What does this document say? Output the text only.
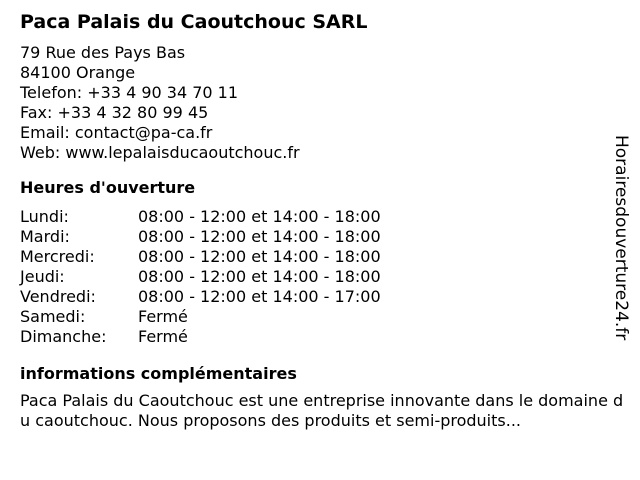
Paca Palais du Caoutchouc SARL
79 Rue des Pays Bas
84100 Orange
Telefon: +33 4 90 34 70 11
Fax: +33 4 32 80 99 45
Email: contact@pa-ca.fr
Web: www.lepalaisducaoutchouc.fr
Heures d'ouverture
Lundi:	08:00 - 12:00 et 14:00 - 18:00
Mardi:	08:00 - 12:00 et 14:00 - 18:00
Mercredi:	08:00 - 12:00 et 14:00 - 18:00
Jeudi:	08:00 - 12:00 et 14:00 - 18:00
Vendredi:	08:00 - 12:00 et 14:00 - 17:00
Samedi:	Fermé
Dimanche:	Fermé
informations complémentaires
Paca Palais du Caoutchouc est une entreprise innovante dans le domaine du caoutchouc. Nous proposons des produits et semi-produits...
Horairesdouverture24.fr
